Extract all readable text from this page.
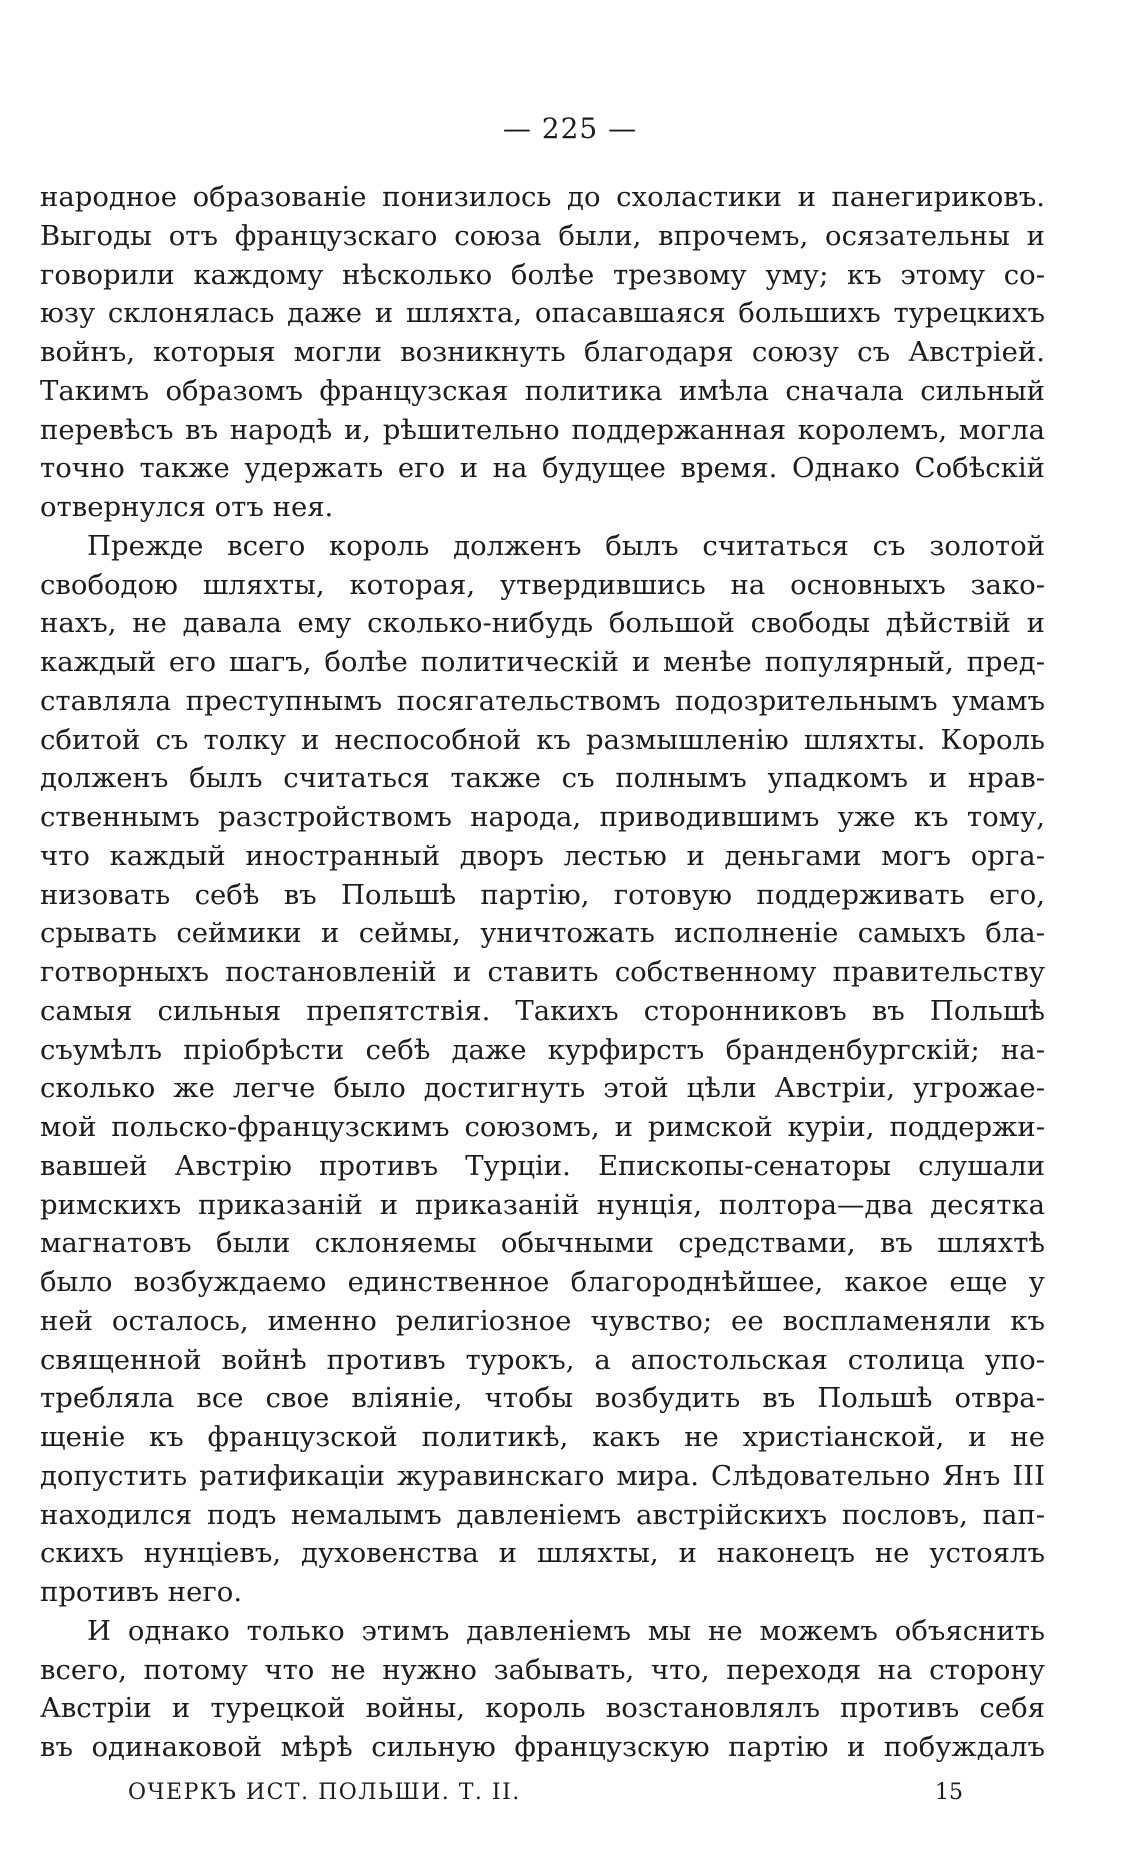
— 225 —
народное образованіе понизилось до схоластики и панегириковъ.
Выгоды отъ французскаго союза были, впрочемъ, осязательны и
говорили каждому нѣсколько болѣе трезвому уму; къ этому со-
юзу склонялась даже и шляхта, опасавшаяся большихъ турецкихъ
войнъ, которыя могли возникнуть благодаря союзу съ Австріей.
Такимъ образомъ французская политика имѣла сначала сильный
перевѣсъ въ народѣ и, рѣшительно поддержанная королемъ, могла
точно также удержать его и на будущее время. Однако Собѣскій
отвернулся отъ нея.
Прежде всего король долженъ былъ считаться съ золотой
свободою шляхты, которая, утвердившись на основныхъ зако-
нахъ, не давала ему сколько-нибудь большой свободы дѣйствій и
каждый его шагъ, болѣе политическій и менѣе популярный, пред-
ставляла преступнымъ посягательствомъ подозрительнымъ умамъ
сбитой съ толку и неспособной къ размышленію шляхты. Король
долженъ былъ считаться также съ полнымъ упадкомъ и нрав-
ственнымъ разстройствомъ народа, приводившимъ уже къ тому,
что каждый иностранный дворъ лестью и деньгами могъ орга-
низовать себѣ въ Польшѣ партію, готовую поддерживать его,
срывать сеймики и сеймы, уничтожать исполненіе самыхъ бла-
готворныхъ постановленій и ставить собственному правительству
самыя сильныя препятствія. Такихъ сторонниковъ въ Польшѣ
съумѣлъ пріобрѣсти себѣ даже курфирстъ бранденбургскій; на-
сколько же легче было достигнуть этой цѣли Австріи, угрожае-
мой польско-французскимъ союзомъ, и римской куріи, поддержи-
вавшей Австрію противъ Турціи. Епископы-сенаторы слушали
римскихъ приказаній и приказаній нунція, полтора—два десятка
магнатовъ были склоняемы обычными средствами, въ шляхтѣ
было возбуждаемо единственное благороднѣйшее, какое еще у
ней осталось, именно религіозное чувство; ее воспламеняли къ
священной войнѣ противъ турокъ, а апостольская столица упо-
требляла все свое вліяніе, чтобы возбудить въ Польшѣ отвра-
щеніе къ французской политикѣ, какъ не христіанской, и не
допустить ратификаціи журавинскаго мира. Слѣдовательно Янъ III
находился подъ немалымъ давленіемъ австрійскихъ пословъ, пап-
скихъ нунціевъ, духовенства и шляхты, и наконецъ не устоялъ
противъ него.
И однако только этимъ давленіемъ мы не можемъ объяснить
всего, потому что не нужно забывать, что, переходя на сторону
Австріи и турецкой войны, король возстановлялъ противъ себя
въ одинаковой мѣрѣ сильную французскую партію и побуждалъ
ОЧЕРКЪ ИСТ. ПОЛЬШИ. Т. II.	15
